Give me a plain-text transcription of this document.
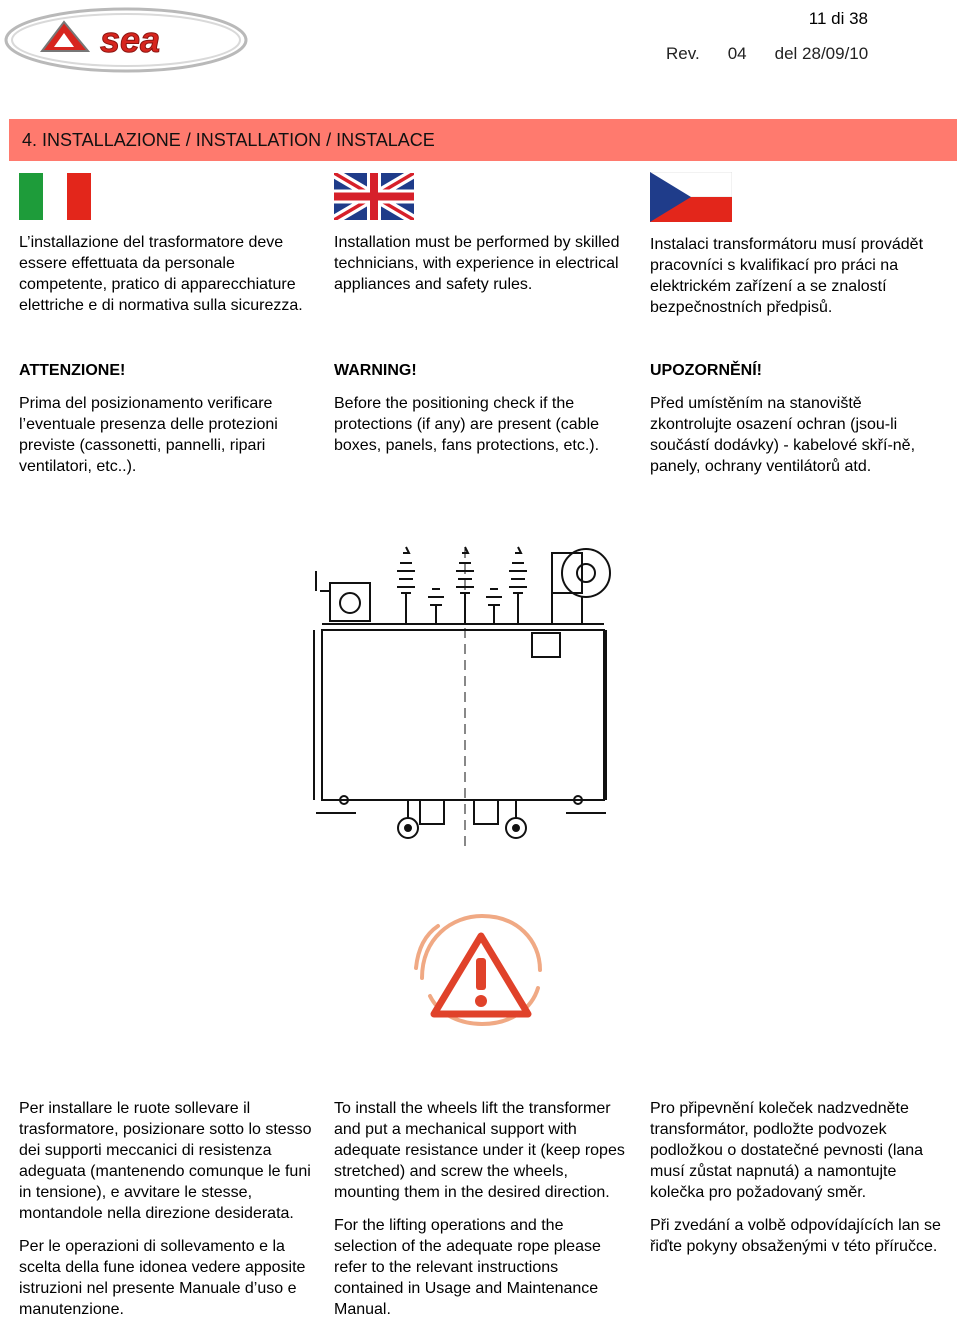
sea
11 di 38
Rev. 04 del 28/09/10
4. INSTALLAZIONE / INSTALLATION / INSTALACE

L’installazione del trasformatore deve essere effettuata da personale competente, pratico di apparecchiature elettriche e di normativa sulla sicurezza.

Installation must be performed by skilled technicians, with experience in electrical appliances and safety rules.

Instalaci transformátoru musí provádět pracovníci s kvalifikací pro práci na elektrickém zařízení a se znalostí bezpečnostních předpisů.

ATTENZIONE!

Prima del posizionamento verificare l’eventuale presenza delle protezioni previste (cassonetti, pannelli, ripari ventilatori, etc..).

WARNING!

Before the positioning check if the protections (if any) are present (cable boxes, panels, fans protections, etc.).

UPOZORNĚNÍ!

Před umístěním na stanoviště zkontrolujte osazení ochran (jsou-li součástí dodávky) - kabelové skří-ně, panely, ochrany ventilátorů atd.

Per installare le ruote sollevare il trasformatore, posizionare sotto lo stesso dei supporti meccanici di resistenza adeguata (mantenendo comunque le funi in tensione), e avvitare le stesse, montandole nella direzione desiderata.

Per le operazioni di sollevamento e la scelta della fune idonea vedere apposite istruzioni nel presente Manuale d’uso e manutenzione.

To install the wheels lift the transformer and put a mechanical support with adequate resistance under it (keep ropes stretched) and screw the wheels, mounting them in the desired direction.

For the lifting operations and the selection of the adequate rope please refer to the relevant instructions contained in Usage and Maintenance Manual.

Pro připevnění koleček nadzvedněte transformátor, podložte podvozek podložkou o dostatečné pevnosti (lana musí zůstat napnutá) a namontujte kolečka pro požadovaný směr.

Při zvedání a volbě odpovídajících lan se řiďte pokyny obsaženými v této příručce.
